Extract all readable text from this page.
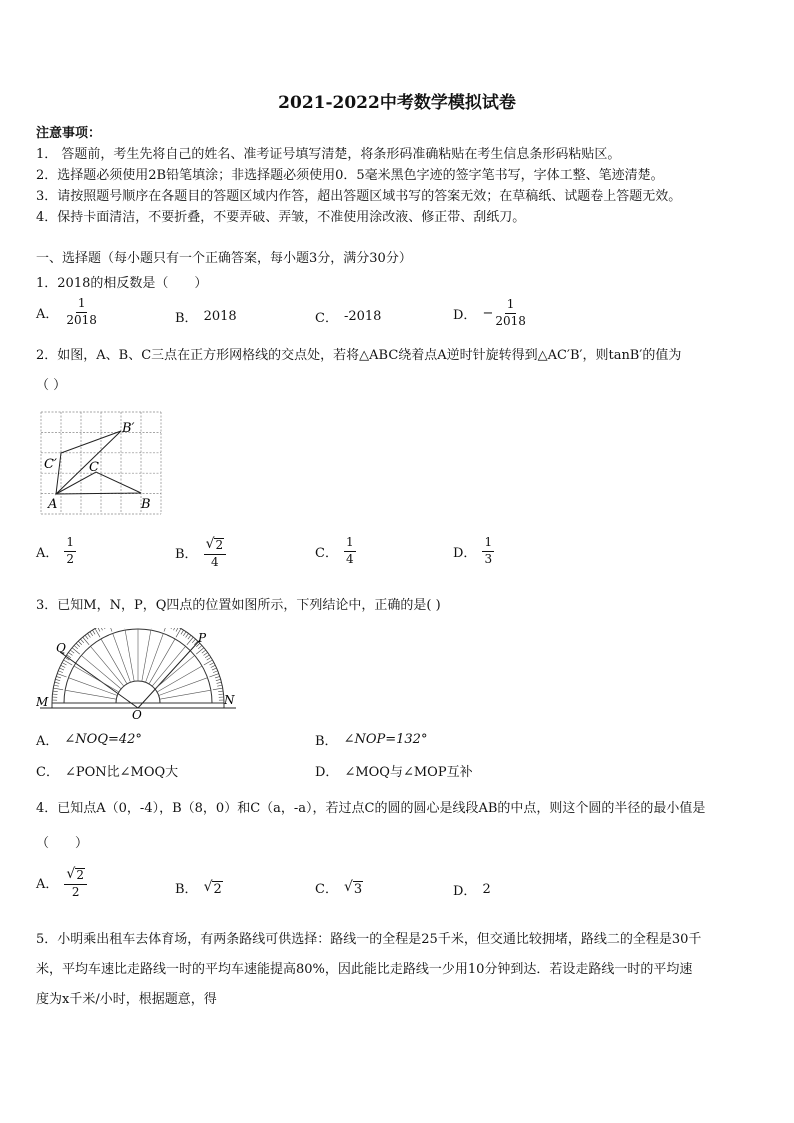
2021-2022中考数学模拟试卷
注意事项：
1． 答题前，考生先将自己的姓名、准考证号填写清楚，将条形码准确粘贴在考生信息条形码粘贴区。
2．选择题必须使用2B铅笔填涂；非选择题必须使用0．5毫米黑色字迹的签字笔书写，字体工整、笔迹清楚。
3．请按照题号顺序在各题目的答题区域内作答，超出答题区域书写的答案无效；在草稿纸、试题卷上答题无效。
4．保持卡面清洁，不要折叠，不要弄破、弄皱，不准使用涂改液、修正带、刮纸刀。
一、选择题（每小题只有一个正确答案，每小题3分，满分30分）
1．2018的相反数是（　　）
A． $\frac{1}{2018}$	B． 2018	C． -2018	D． − $\frac{1}{2018}$
2．如图，A、B、C三点在正方形网格线的交点处，若将△ABC绕着点A逆时针旋转得到△AC′B′，则tanB′的值为
（ ）
A	B
C
C′
B′
A． $\frac{1}{2}$	B． $\frac{√ 2}{4}$	C． $\frac{1}{4}$	D． $\frac{1}{3}$
3．已知M，N，P，Q四点的位置如图所示，下列结论中，正确的是( )
M	N
P
Q
O
A． ∠NOQ=42°	B． ∠NOP=132°
C． ∠PON比∠MOQ大	D． ∠MOQ与∠MOP互补
4．已知点A（0，-4），B（8，0）和C（a，-a），若过点C的圆的圆心是线段AB的中点，则这个圆的半径的最小值是
（　　）
A． $\frac{√ 2}{2}$	B． √ 2	C． √ 3	D． 2
5．小明乘出租车去体育场，有两条路线可供选择：路线一的全程是25千米，但交通比较拥堵，路线二的全程是30千
米，平均车速比走路线一时的平均车速能提高80%，因此能比走路线一少用10分钟到达．若设走路线一时的平均速
度为x千米/小时，根据题意，得
